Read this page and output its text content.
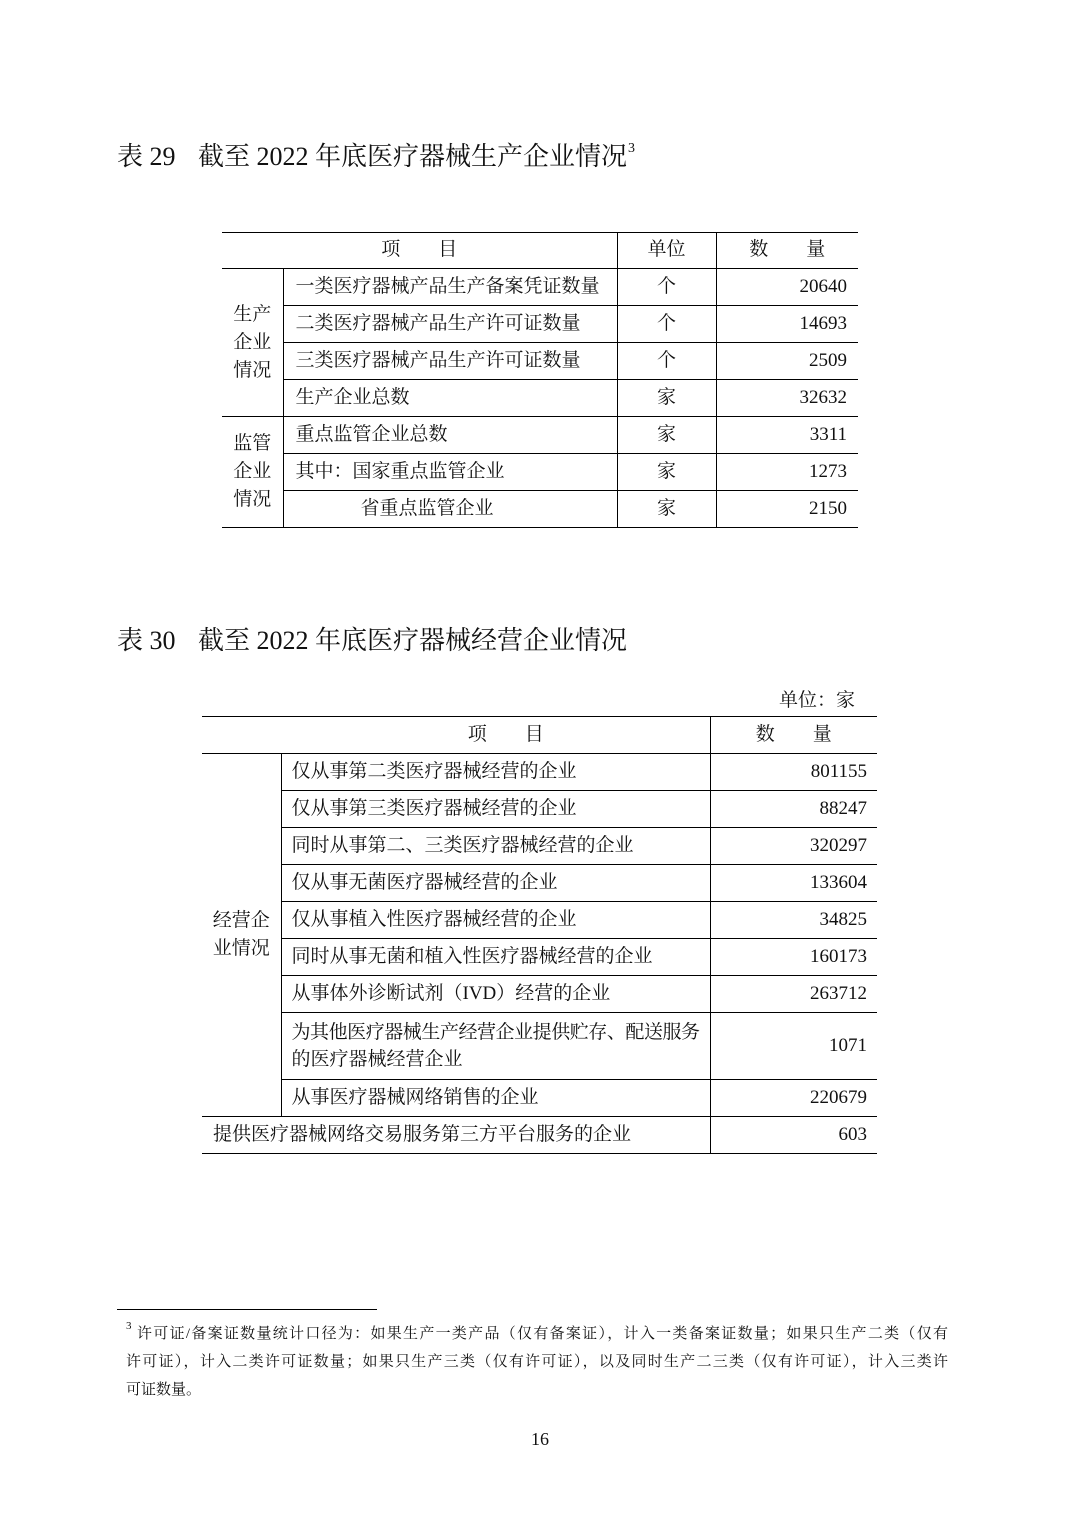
表 29 截至 2022 年底医疗器械生产企业情况$^3$
项　　目		单位	数　　量

生产
企业
情况	一类医疗器械产品生产备案凭证数量	个	20640
	二类医疗器械产品生产许可证数量	个	14693
	三类医疗器械产品生产许可证数量	个	2509
	生产企业总数	家	32632

监管
企业
情况	重点监管企业总数	家	3311
	其中：国家重点监管企业	家	1273
	省重点监管企业	家	2150
表 30 截至 2022 年底医疗器械经营企业情况
单位：家
项　　目		数　　量

经营企
业情况	仅从事第二类医疗器械经营的企业	801155
	仅从事第三类医疗器械经营的企业	88247
	同时从事第二、三类医疗器械经营的企业	320297
	仅从事无菌医疗器械经营的企业	133604
	仅从事植入性医疗器械经营的企业	34825
	同时从事无菌和植入性医疗器械经营的企业	160173
	从事体外诊断试剂（IVD）经营的企业	263712

	为其他医疗器械生产经营企业提供贮存、配送服务
的医疗器械经营企业	1071
	从事医疗器械网络销售的企业	220679
提供医疗器械网络交易服务第三方平台服务的企业		603
3 许可证/备案证数量统计口径为：如果生产一类产品（仅有备案证），计入一类备案证数量；如果只生产二类（仅有
许可证），计入二类许可证数量；如果只生产三类（仅有许可证），以及同时生产二三类（仅有许可证），计入三类许
可证数量。
16
